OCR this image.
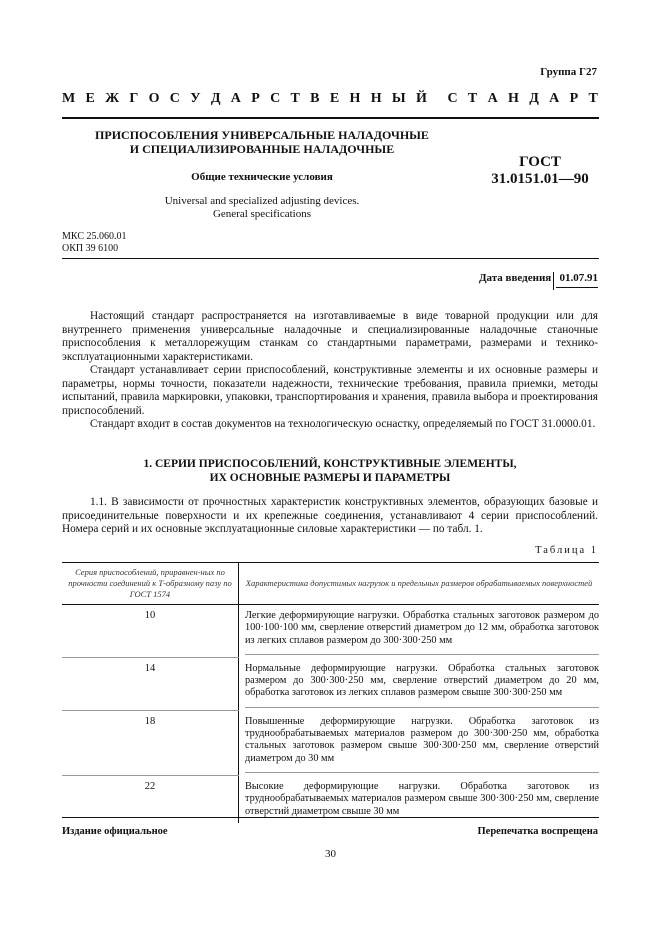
Группа Г27
М Е Ж Г О С У Д А Р С Т В Е Н Н Ы Й С Т А Н Д А Р Т
ПРИСПОСОБЛЕНИЯ УНИВЕРСАЛЬНЫЕ НАЛАДОЧНЫЕ
И СПЕЦИАЛИЗИРОВАННЫЕ НАЛАДОЧНЫЕ
Общие технические условия
Universal and specialized adjusting devices.
General specifications
ГОСТ
31.0151.01—90
МКС 25.060.01
ОКП 39 6100
Дата введения 01.07.91

Настоящий стандарт распространяется на изготавливаемые в виде товарной продукции или для внутреннего применения универсальные наладочные и специализированные наладочные станочные приспособления к металлорежущим станкам со стандартными параметрами, размерами и технико-эксплуатационными характеристиками.

Стандарт устанавливает серии приспособлений, конструктивные элементы и их основные размеры и параметры, нормы точности, показатели надежности, технические требования, правила приемки, методы испытаний, правила маркировки, упаковки, транспортирования и хранения, правила выбора и проектирования приспособлений.

Стандарт входит в состав документов на технологическую оснастку, определяемый по ГОСТ 31.0000.01.

1. СЕРИИ ПРИСПОСОБЛЕНИЙ, КОНСТРУКТИВНЫЕ ЭЛЕМЕНТЫ,
ИХ ОСНОВНЫЕ РАЗМЕРЫ И ПАРАМЕТРЫ

1.1. В зависимости от прочностных характеристик конструктивных элементов, образующих базовые и присоединительные поверхности и их крепежные соединения, устанавливают 4 серии приспособлений. Номера серий и их основные эксплуатационные силовые характеристики — по табл. 1.

Таблица 1
Серия приспособлений, приравнен-ных по прочности соединений к Т-образному пазу по ГОСТ 1574	Характеристика допустимых нагрузок и предельных размеров обрабатываемых поверхностей
10	Легкие деформирующие нагрузки. Обработка стальных заготовок размером до 100·100·100 мм, сверление отверстий диаметром до 12 мм, обработка заготовок из легких сплавов размером до 300·300·250 мм

14	Нормальные деформирующие нагрузки. Обработка стальных заготовок размером до 300·300·250 мм, сверление отверстий диаметром до 20 мм, обработка заготовок из легких сплавов размером свыше 300·300·250 мм

18	Повышенные деформирующие нагрузки. Обработка заготовок из труднообрабатываемых материалов размером до 300·300·250 мм, обработка стальных заготовок размером свыше 300·300·250 мм, сверление отверстий диаметром до 30 мм

22	Высокие деформирующие нагрузки. Обработка заготовок из труднообрабатываемых материалов размером свыше 300·300·250 мм, сверление отверстий диаметром свыше 30 мм
Издание официальное	Перепечатка воспрещена
30
